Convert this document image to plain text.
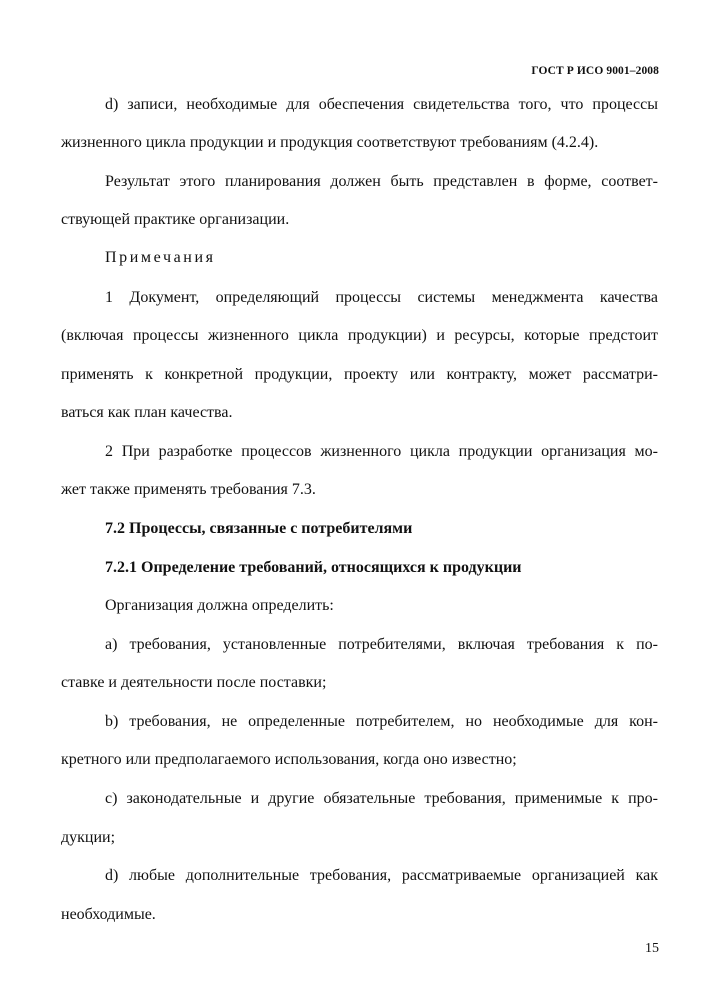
ГОСТ Р ИСО 9001–2008
d) записи, необходимые для обеспечения свидетельства того, что процессы
жизненного цикла продукции и продукция соответствуют требованиям (4.2.4).
Результат этого планирования должен быть представлен в форме, соответ-
ствующей практике организации.
Примечания
1 Документ, определяющий процессы системы менеджмента качества
(включая процессы жизненного цикла продукции) и ресурсы, которые предстоит
применять к конкретной продукции, проекту или контракту, может рассматри-
ваться как план качества.
2 При разработке процессов жизненного цикла продукции организация мо-
жет также применять требования 7.3.
7.2 Процессы, связанные с потребителями
7.2.1 Определение требований, относящихся к продукции
Организация должна определить:
a) требования, установленные потребителями, включая требования к по-
ставке и деятельности после поставки;
b) требования, не определенные потребителем, но необходимые для кон-
кретного или предполагаемого использования, когда оно известно;
c) законодательные и другие обязательные требования, применимые к про-
дукции;
d) любые дополнительные требования, рассматриваемые организацией как
необходимые.
15
